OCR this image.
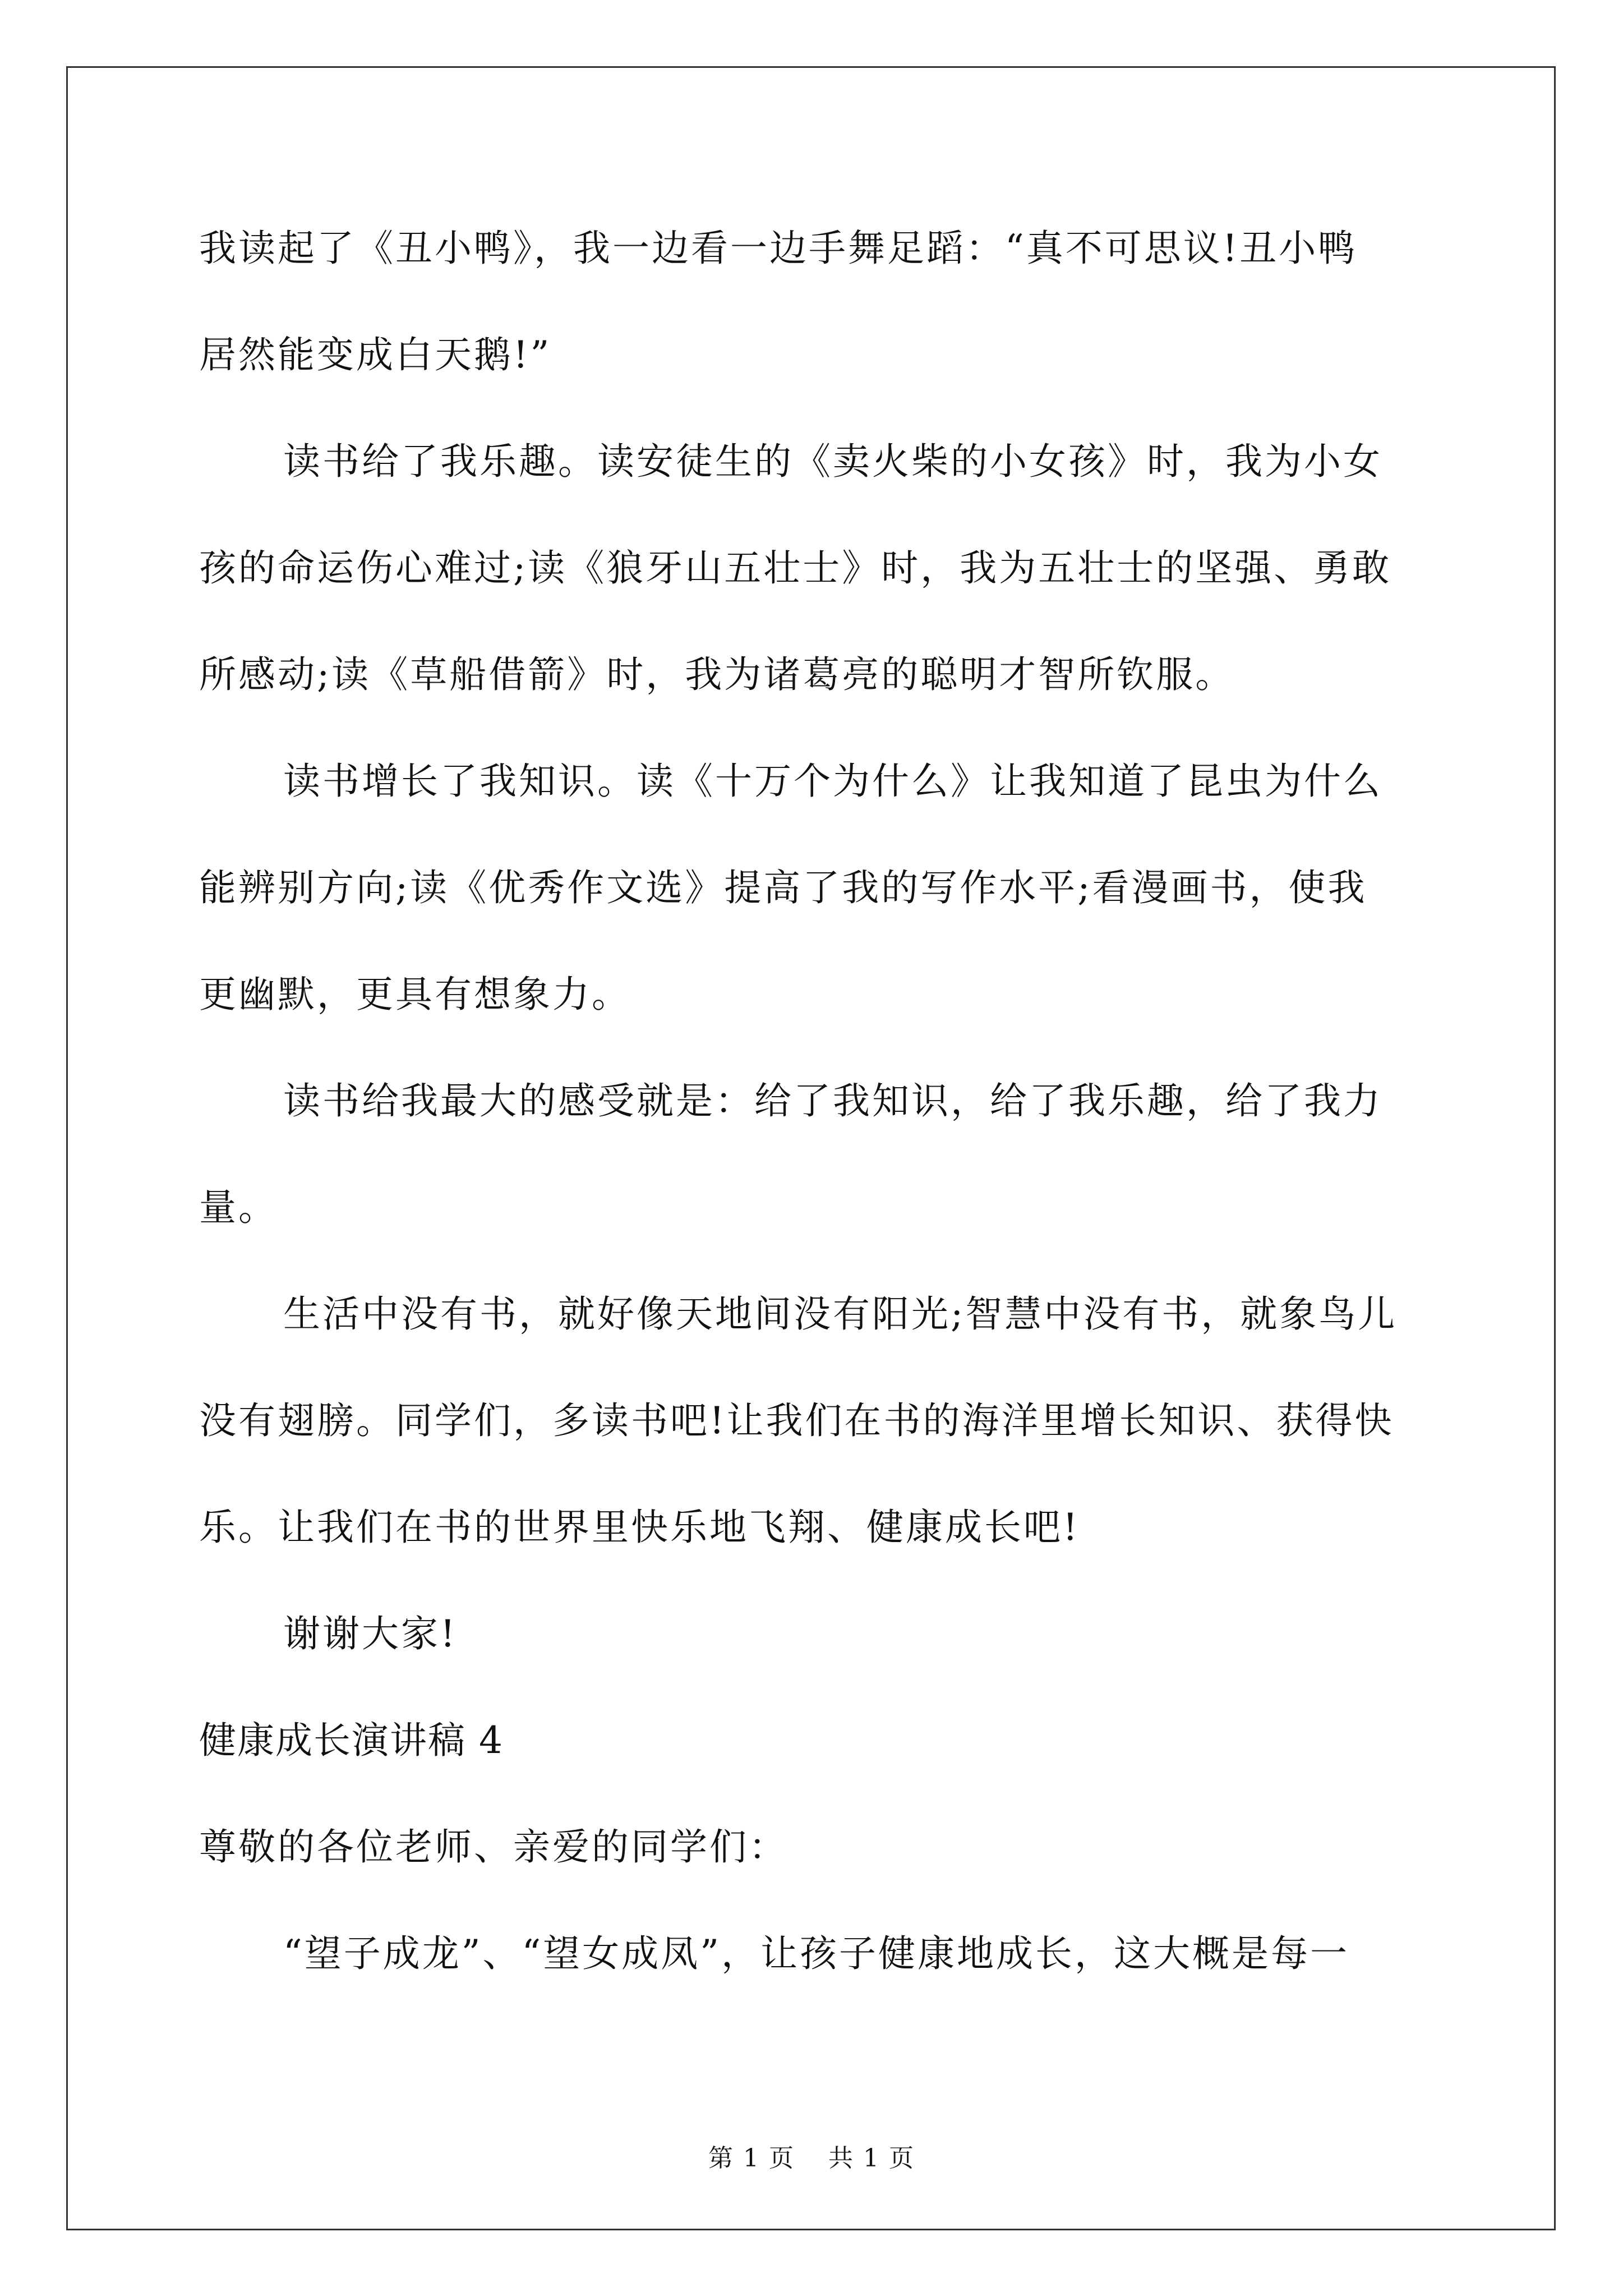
我读起了《丑小鸭》，我一边看一边手舞足蹈：“真不可思议!丑小鸭
居然能变成白天鹅!”
读书给了我乐趣。读安徒生的《卖火柴的小女孩》时，我为小女
孩的命运伤心难过;读《狼牙山五壮士》时，我为五壮士的坚强、勇敢
所感动;读《草船借箭》时，我为诸葛亮的聪明才智所钦服。
读书增长了我知识。读《十万个为什么》让我知道了昆虫为什么
能辨别方向;读《优秀作文选》提高了我的写作水平;看漫画书，使我
更幽默，更具有想象力。
读书给我最大的感受就是：给了我知识，给了我乐趣，给了我力
量。
生活中没有书，就好像天地间没有阳光;智慧中没有书，就象鸟儿
没有翅膀。同学们，多读书吧!让我们在书的海洋里增长知识、获得快
乐。让我们在书的世界里快乐地飞翔、健康成长吧!
谢谢大家!
健康成长演讲稿 4
尊敬的各位老师、亲爱的同学们：
“望子成龙”、“望女成凤”，让孩子健康地成长，这大概是每一
第 1 页 共 1 页
